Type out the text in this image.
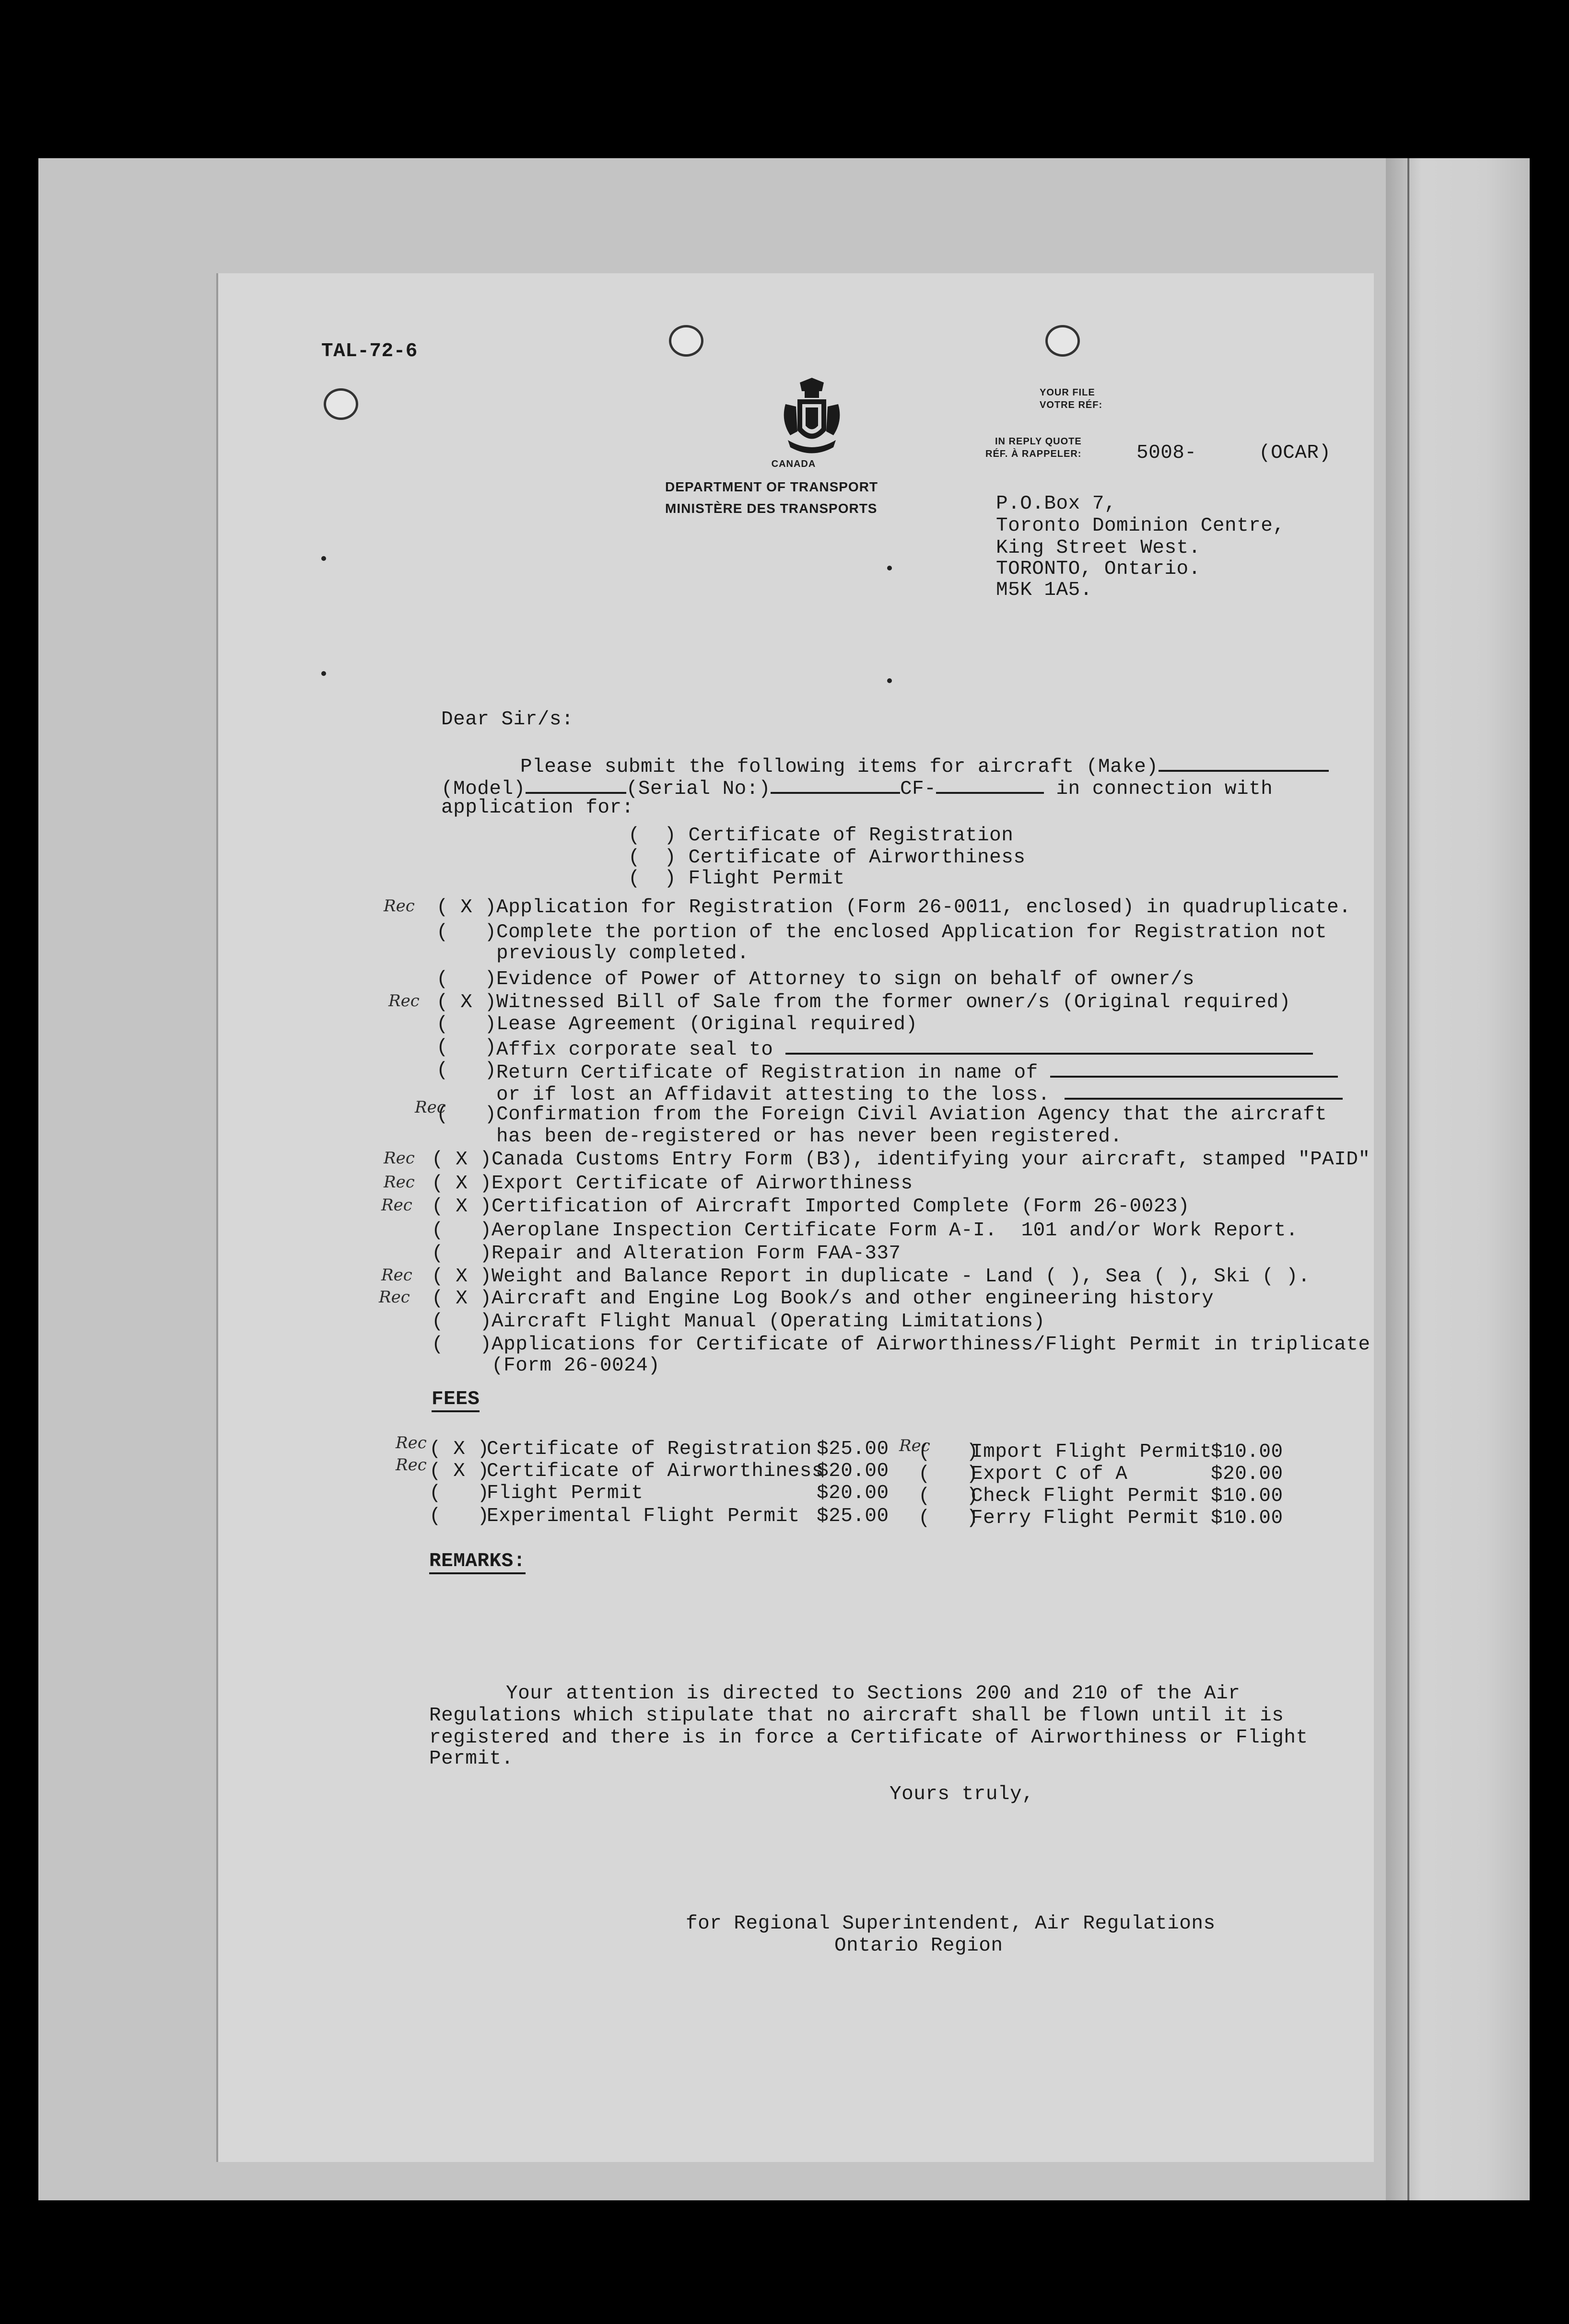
TAL-72-6

CANADA
DEPARTMENT OF TRANSPORT
MINISTÈRE DES TRANSPORTS
YOUR FILE
VOTRE RÉF:
IN REPLY QUOTE
RÉF. À RAPPELER:	5008-	(OCAR)
P.O.Box 7,
Toronto Dominion Centre,
King Street West.
TORONTO, Ontario.
M5K 1A5.
Dear Sir/s:
Please submit the following items for aircraft (Make)
(Model)	(Serial No:)	CF-	in connection with
application for:
(  ) Certificate of Registration
(  ) Certificate of Airworthiness
(  ) Flight Permit
Rec ( X ) Application for Registration (Form 26-0011, enclosed) in quadruplicate.
(   ) Complete the portion of the enclosed Application for Registration not
previously completed.
(   ) Evidence of Power of Attorney to sign on behalf of owner/s
Rec ( X ) Witnessed Bill of Sale from the former owner/s (Original required)
(   ) Lease Agreement (Original required)
(   ) Affix corporate seal to
(   ) Return Certificate of Registration in name of
or if lost an Affidavit attesting to the loss.
Rec
(   ) Confirmation from the Foreign Civil Aviation Agency that the aircraft
has been de-registered or has never been registered.
Rec ( X ) Canada Customs Entry Form (B3), identifying your aircraft, stamped "PAID"
Rec ( X ) Export Certificate of Airworthiness
Rec ( X ) Certification of Aircraft Imported Complete (Form 26-0023)
(   ) Aeroplane Inspection Certificate Form A-I.  101 and/or Work Report.
(   ) Repair and Alteration Form FAA-337
Rec ( X ) Weight and Balance Report in duplicate - Land ( ), Sea ( ), Ski ( ).
Rec ( X ) Aircraft and Engine Log Book/s and other engineering history
(   ) Aircraft Flight Manual (Operating Limitations)
(   ) Applications for Certificate of Airworthiness/Flight Permit in triplicate
(Form 26-0024)
FEES
Rec ( X )
Certificate of Registration $25.00
Rec ( X )
Certificate of Airworthiness
$20.00
(   )
Flight Permit	$20.00
(   )
Experimental Flight Permit $25.00
Rec
(   )
Import Flight Permit
$10.00
(   )
Export C of A	$20.00
(   )
Check Flight Permit $10.00
(   )
Ferry Flight Permit $10.00
REMARKS:
Your attention is directed to Sections 200 and 210 of the Air
Regulations which stipulate that no aircraft shall be flown until it is
registered and there is in force a Certificate of Airworthiness or Flight
Permit.
Yours truly,
for Regional Superintendent, Air Regulations
Ontario Region
